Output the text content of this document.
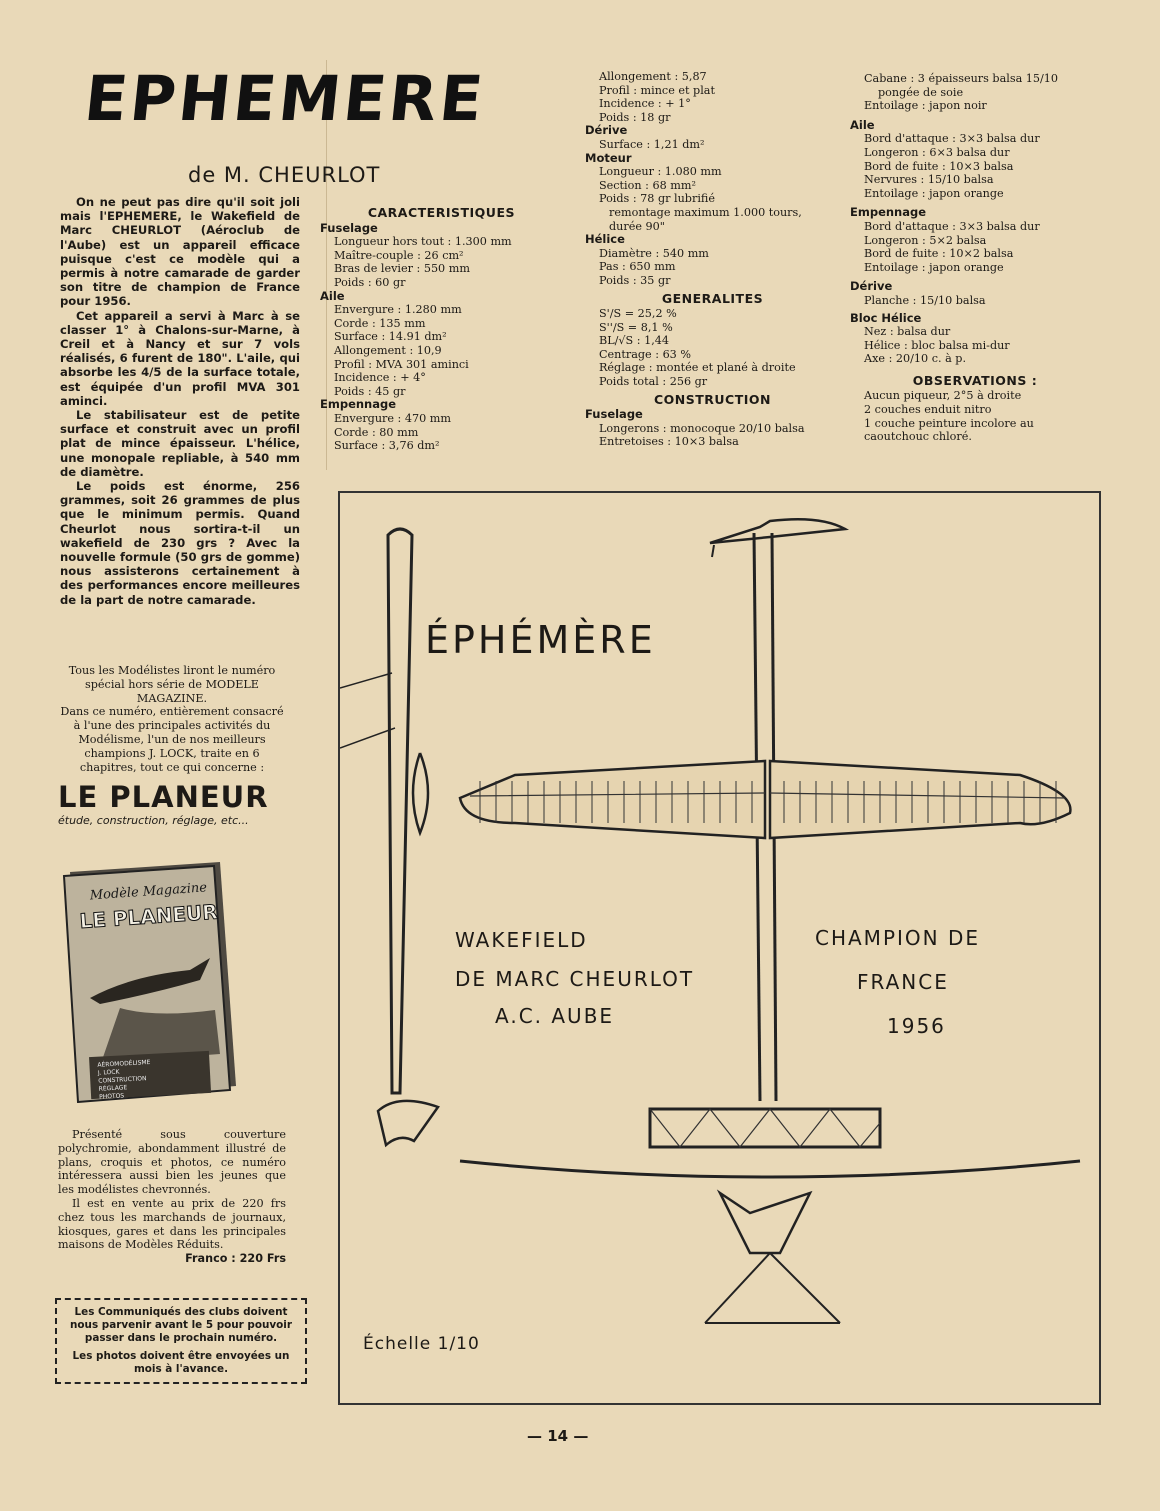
EPHEMERE
de M. CHEURLOT

On ne peut pas dire qu'il soit joli mais l'EPHEMERE, le Wakefield de Marc CHEURLOT (Aéroclub de l'Aube) est un appareil efficace puisque c'est ce modèle qui a permis à notre camarade de garder son titre de champion de France pour 1956.

Cet appareil a servi à Marc à se classer 1° à Chalons-sur-Marne, à Creil et à Nancy et sur 7 vols réalisés, 6 furent de 180". L'aile, qui absorbe les 4/5 de la surface totale, est équipée d'un profil MVA 301 aminci.

Le stabilisateur est de petite surface et construit avec un profil plat de mince épaisseur. L'hélice, une monopale repliable, à 540 mm de diamètre.

Le poids est énorme, 256 grammes, soit 26 grammes de plus que le minimum permis. Quand Cheurlot nous sortira-t-il un wakefield de 230 grs ? Avec la nouvelle formule (50 grs de gomme) nous assisterons certainement à des performances encore meilleures de la part de notre camarade.

CARACTERISTIQUES
Fuselage
Longueur hors tout : 1.300 mm
Maître-couple : 26 cm²
Bras de levier : 550 mm
Poids : 60 gr
Aile
Envergure : 1.280 mm
Corde : 135 mm
Surface : 14.91 dm²
Allongement : 10,9
Profil : MVA 301 aminci
Incidence : + 4°
Poids : 45 gr
Empennage
Envergure : 470 mm
Corde : 80 mm
Surface : 3,76 dm²
Allongement : 5,87
Profil : mince et plat
Incidence : + 1°
Poids : 18 gr
Dérive
Surface : 1,21 dm²
Moteur
Longueur : 1.080 mm
Section : 68 mm²
Poids : 78 gr lubrifié
remontage maximum 1.000 tours,
durée 90"
Hélice
Diamètre : 540 mm
Pas : 650 mm
Poids : 35 gr
GENERALITES
S'/S = 25,2 %
S''/S = 8,1 %
BL/√S : 1,44
Centrage : 63 %
Réglage : montée et plané à droite
Poids total : 256 gr
CONSTRUCTION
Fuselage
Longerons : monocoque 20/10 balsa
Entretoises : 10×3 balsa
Cabane : 3 épaisseurs balsa 15/10
pongée de soie
Entoilage : japon noir
Aile
Bord d'attaque : 3×3 balsa dur
Longeron : 6×3 balsa dur
Bord de fuite : 10×3 balsa
Nervures : 15/10 balsa
Entoilage : japon orange
Empennage
Bord d'attaque : 3×3 balsa dur
Longeron : 5×2 balsa
Bord de fuite : 10×2 balsa
Entoilage : japon orange
Dérive
Planche : 15/10 balsa
Bloc Hélice
Nez : balsa dur
Hélice : bloc balsa mi-dur
Axe : 20/10 c. à p.
OBSERVATIONS :
Aucun piqueur, 2°5 à droite
2 couches enduit nitro
1 couche peinture incolore au caoutchouc chloré.
Tous les Modélistes liront le numéro spécial hors série de MODELE MAGAZINE.
Dans ce numéro, entièrement consacré à l'une des principales activités du Modélisme, l'un de nos meilleurs champions J. LOCK, traite en 6 chapitres, tout ce qui concerne :
LE PLANEUR
étude, construction, réglage, etc...
Modèle Magazine
LE PLANEUR
AÉROMODÉLISME
J. LOCK
CONSTRUCTION
RÉGLAGE
PHOTOS

Présenté sous couverture polychromie, abondamment illustré de plans, croquis et photos, ce numéro intéressera aussi bien les jeunes que les modélistes chevronnés.

Il est en vente au prix de 220 frs chez tous les marchands de journaux, kiosques, gares et dans les principales maisons de Modèles Réduits.

Franco : 220 Frs
Les Communiqués des clubs doivent nous parvenir avant le 5 pour pouvoir passer dans le prochain numéro.
Les photos doivent être envoyées un mois à l'avance.
ÉPHÉMÈRE
WAKEFIELD
DE MARC CHEURLOT
A.C. AUBE
CHAMPION DE
FRANCE
1956
Échelle 1/10
— 14 —
